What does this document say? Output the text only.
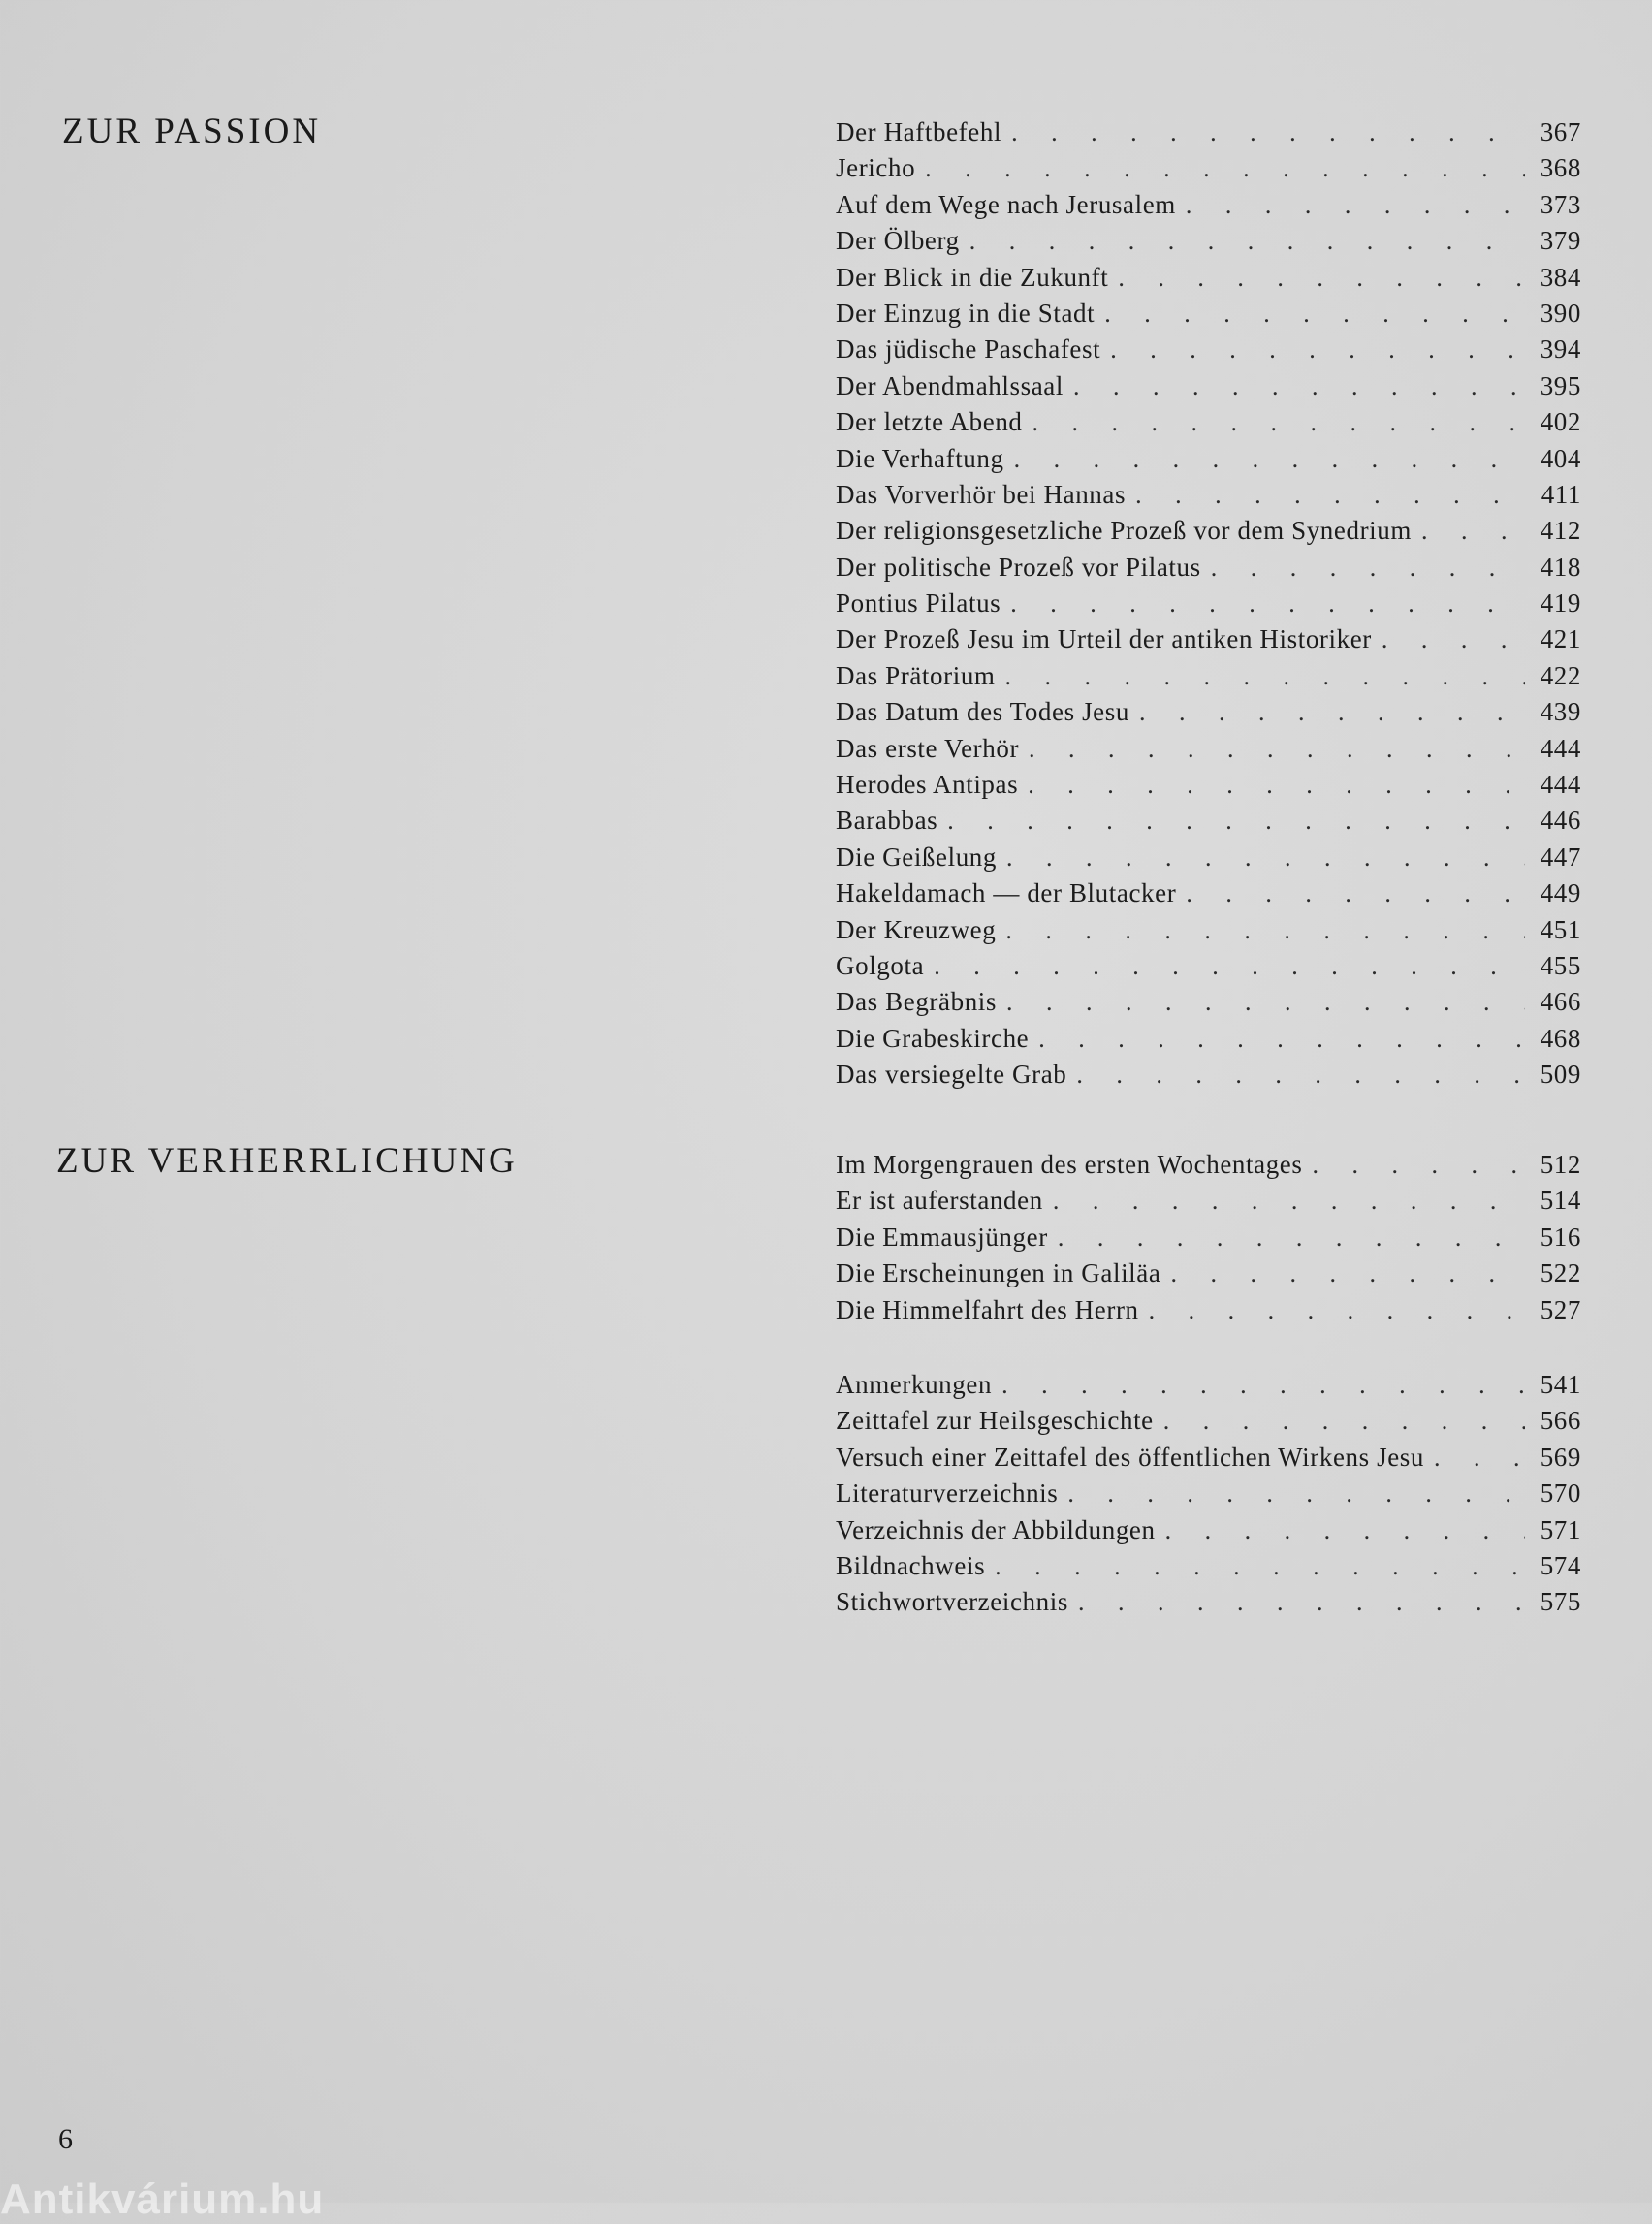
ZUR PASSION	Der Haftbefehl . . .	367
Jericho . . .	368
Auf dem Wege nach Jerusalem . . .	373
Der Ölberg . . .	379
Der Blick in die Zukunft . . .	384
Der Einzug in die Stadt . . .	390
Das jüdische Paschafest . . .	394
Der Abendmahlssaal . . .	395
Der letzte Abend . . .	402
Die Verhaftung . . .	404
Das Vorverhör bei Hannas . . .	411
Der religionsgesetzliche Prozeß vor dem Synedrium . . .	412
Der politische Prozeß vor Pilatus . . .	418
Pontius Pilatus . . .	419
Der Prozeß Jesu im Urteil der antiken Historiker . . .	421
Das Prätorium . . .	422
Das Datum des Todes Jesu . . .	439
Das erste Verhör . . .	444
Herodes Antipas . . .	444
Barabbas . . .	446
Die Geißelung . . .	447
Hakeldamach — der Blutacker . . .	449
Der Kreuzweg . . .	451
Golgota . . .	455
Das Begräbnis . . .	466
Die Grabeskirche . . .	468
Das versiegelte Grab . . .	509
ZUR VERHERRLICHUNG	Im Morgengrauen des ersten Wochentages . . .	512
Er ist auferstanden . . .	514
Die Emmausjünger . . .	516
Die Erscheinungen in Galiläa . . .	522
Die Himmelfahrt des Herrn . . .	527
Anmerkungen . . .	541
Zeittafel zur Heilsgeschichte . . .	566
Versuch einer Zeittafel des öffentlichen Wirkens Jesu . . .	569
Literaturverzeichnis . . .	570
Verzeichnis der Abbildungen . . .	571
Bildnachweis . . .	574
Stichwortverzeichnis . . .	575
6
Antikvárium.hu
